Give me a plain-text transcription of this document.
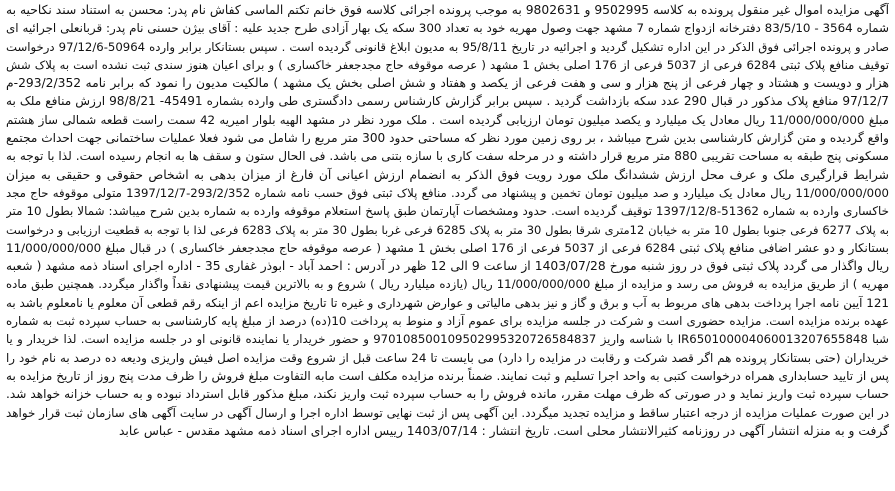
آگهی مزایده اموال غیر منقول پرونده به کلاسه 9502995 و 9802631 به موجب پرونده اجرائی کلاسه فوق خانم تکتم الماسی کفاش نام پدر: محسن به استناد سند نکاحیه به
شماره 3564 - 83/5/10 دفترخانه ازدواج شماره 7 مشهد جهت وصول مهریه خود به تعداد 300 سکه یک بهار آزادی طرح جدید علیه : آقای بیژن حسنی نام پدر: قربانعلی اجرائیه ای
صادر و پرونده اجرائی فوق الذکر در این اداره تشکیل گردید و اجرائیه در تاریخ 95/8/11 به مدیون ابلاغ قانونی گردیده است . سپس بستانکار برابر وارده 50964-97/12/6 درخواست
توقیف منافع پلاک ثبتی 6284 فرعی از 5037 فرعی از 176 اصلی بخش 1 مشهد ( عرصه موقوفه حاج مجدجعفر خاکساری ) و برای اعیان هنوز سندی ثبت نشده است به پلاک شش
هزار و دویست و هشتاد و چهار فرعی از پنج هزار و سی و هفت فرعی از یکصد و هفتاد و شش اصلی بخش یک مشهد ) مالکیت مدیون را نمود که برابر نامه 293/2/352-م
97/12/7 منافع پلاک مذکور در قبال 290 عدد سکه بازداشت گردید . سپس برابر گزارش کارشناس رسمی دادگستری طی وارده بشماره 45491- 98/8/21 ارزش منافع ملک به
مبلغ 11/000/000/000 ریال معادل یک میلیارد و یکصد میلیون تومان ارزیابی گردیده است . ملک مورد نظر در مشهد الهیه بلوار امیریه 42 سمت راست قطعه شمالی ساز هشتم
واقع گردیده و متن گزارش کارشناسی بدین شرح میباشد ، بر روی زمین مورد نظر که مساحتی حدود 300 متر مربع را شامل می شود فعلا عملیات ساختمانی جهت احداث مجتمع
مسکونی پنج طبقه به مساحت تقریبی 880 متر مربع قرار داشته و در مرحله سفت کاری با سازه بتنی می باشد. فی الحال ستون و سقف ها به انجام رسیده است. لذا با توجه به
شرایط قرارگیری ملک و عرف محل ارزش ششدانگ ملک مورد رویت فوق الذکر به انضمام ارزش اعیانی آن فارغ از میزان بدهی به اشخاص حقوقی و حقیقی به میزان
11/000/000/000 ریال معادل یک میلیارد و صد میلیون تومان تخمین و پیشنهاد می گردد. منافع پلاک ثبتی فوق حسب نامه شماره 293/2/352-1397/12/7 متولی موقوفه حاج مجد
خاکساری وارده به شماره 51362-1397/12/8 توقیف گردیده است. حدود ومشخصات آپارتمان طبق پاسخ استعلام موقوفه وارده به شماره بدین شرح میباشد: شمالا بطول 10 متر
به پلاک 6277 فرعی جنوبا بطول 10 متر به خیابان 12متری شرقا بطول 30 متر به پلاک 6285 فرعی غربا بطول 30 متر به پلاک 6283 فرعی لذا با توجه به قطعیت ارزیابی و درخواست
بستانکار و دو عشر اضافی منافع پلاک ثبتی 6284 فرعی از 5037 فرعی از 176 اصلی بخش 1 مشهد ( عرصه موقوفه حاج مجدجعفر خاکساری ) در قبال مبلغ 11/000/000/000
ریال واگذار می گردد پلاک ثبتی فوق در روز شنبه مورخ 1403/07/28 از ساعت 9 الی 12 ظهر در آدرس : احمد آباد - ابوذر غفاری 35 - اداره اجرای اسناد ذمه مشهد ( شعبه
مهریه ) از طریق مزایده به فروش می رسد و مزایده از مبلغ 11/000/000/000 ریال (یازده میلیارد ریال ) شروع و به بالاترین قیمت پیشنهادی نقداً واگذار میگردد. همچنین طبق ماده
121 آیین نامه اجرا پرداخت بدهی های مربوط به آب و برق و گاز و نیز بدهی مالیاتی و عوارض شهرداری و غیره تا تاریخ مزایده اعم از اینکه رقم قطعی آن معلوم یا نامعلوم باشد به
عهده برنده مزایده است. مزایده حضوری است و شرکت در جلسه مزایده برای عموم آزاد و منوط به پرداخت 10(ده) درصد از مبلغ پایه کارشناسی به حساب سپرده ثبت به شماره
شبا IR650100004060013207655848 با شناسه واریز 970108500109502995320726584837 و حضور خریدار یا نماینده قانونی او در جلسه مزایده است. لذا خریدار و یا
خریداران (حتی بستانکار پرونده هم اگر قصد شرکت و رقابت در مزایده را دارد) می بایست تا 24 ساعت قبل از شروع وقت مزایده اصل فیش واریزی ودیعه ده درصد به نام خود را
پس از تایید حسابداری همراه درخواست کتبی به واحد اجرا تسلیم و ثبت نمایند. ضمناً برنده مزایده مکلف است مابه التفاوت مبلغ فروش را ظرف مدت پنج روز از تاریخ مزایده به
حساب سپرده ثبت واریز نماید و در صورتی که ظرف مهلت مقرر، مانده فروش را به حساب سپرده ثبت واریز نکند، مبلغ مذکور قابل استرداد نبوده و به حساب خزانه خواهد شد.
در این صورت عملیات مزایده از درجه اعتبار ساقط و مزایده تجدید میگردد. این آگهی پس از ثبت نهایی توسط اداره اجرا و ارسال آگهی در سایت آگهی های سازمان ثبت قرار خواهد
گرفت و به منزله انتشار آگهی در روزنامه کثیرالانتشار محلی است. تاریخ انتشار : 1403/07/14 رییس اداره اجرای اسناد ذمه مشهد مقدس - عباس عابد
